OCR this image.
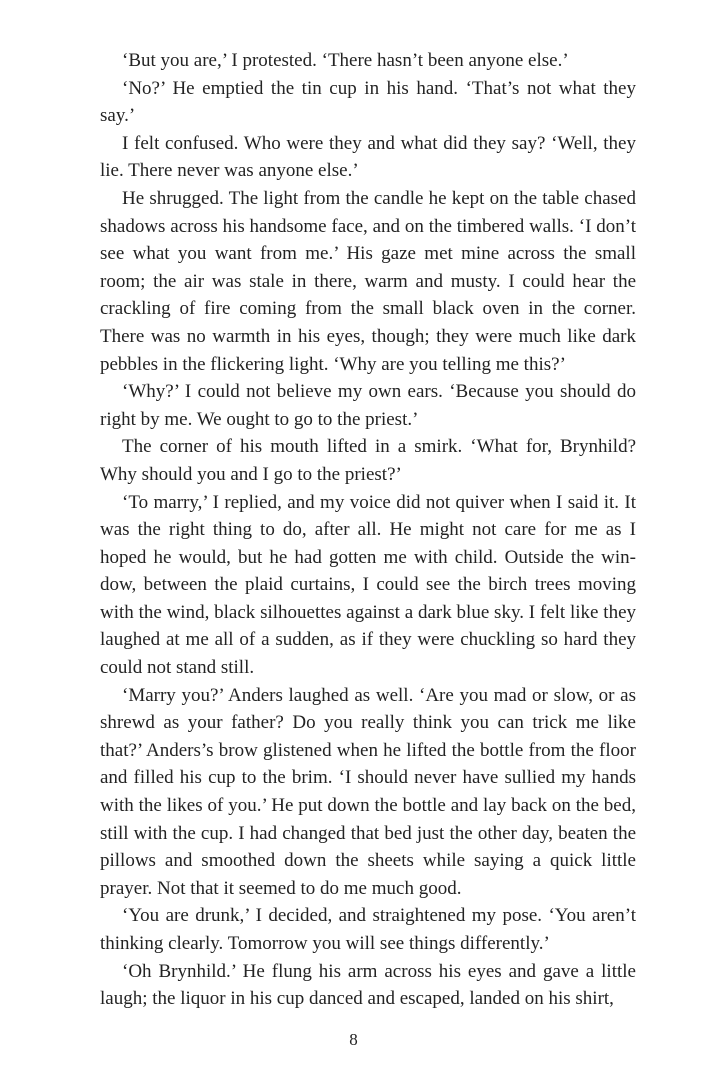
‘But you are,’ I protested. ‘There hasn’t been anyone else.’

‘No?’ He emptied the tin cup in his hand. ‘That’s not what they say.’

I felt confused. Who were they and what did they say? ‘Well, they lie. There never was anyone else.’

He shrugged. The light from the candle he kept on the table chased shadows across his handsome face, and on the timbered walls. ‘I don’t see what you want from me.’ His gaze met mine across the small room; the air was stale in there, warm and musty. I could hear the crackling of fire coming from the small black oven in the corner. There was no warmth in his eyes, though; they were much like dark pebbles in the flickering light. ‘Why are you telling me this?’

‘Why?’ I could not believe my own ears. ‘Because you should do right by me. We ought to go to the priest.’

The corner of his mouth lifted in a smirk. ‘What for, Brynhild? Why should you and I go to the priest?’

‘To marry,’ I replied, and my voice did not quiver when I said it. It was the right thing to do, after all. He might not care for me as I hoped he would, but he had gotten me with child. Outside the window, between the plaid curtains, I could see the birch trees moving with the wind, black silhouettes against a dark blue sky. I felt like they laughed at me all of a sudden, as if they were chuckling so hard they could not stand still.

‘Marry you?’ Anders laughed as well. ‘Are you mad or slow, or as shrewd as your father? Do you really think you can trick me like that?’ Anders’s brow glistened when he lifted the bottle from the floor and filled his cup to the brim. ‘I should never have sullied my hands with the likes of you.’ He put down the bottle and lay back on the bed, still with the cup. I had changed that bed just the other day, beaten the pillows and smoothed down the sheets while saying a quick little prayer. Not that it seemed to do me much good.

‘You are drunk,’ I decided, and straightened my pose. ‘You aren’t thinking clearly. Tomorrow you will see things differently.’

‘Oh Brynhild.’ He flung his arm across his eyes and gave a little laugh; the liquor in his cup danced and escaped, landed on his shirt,

8
